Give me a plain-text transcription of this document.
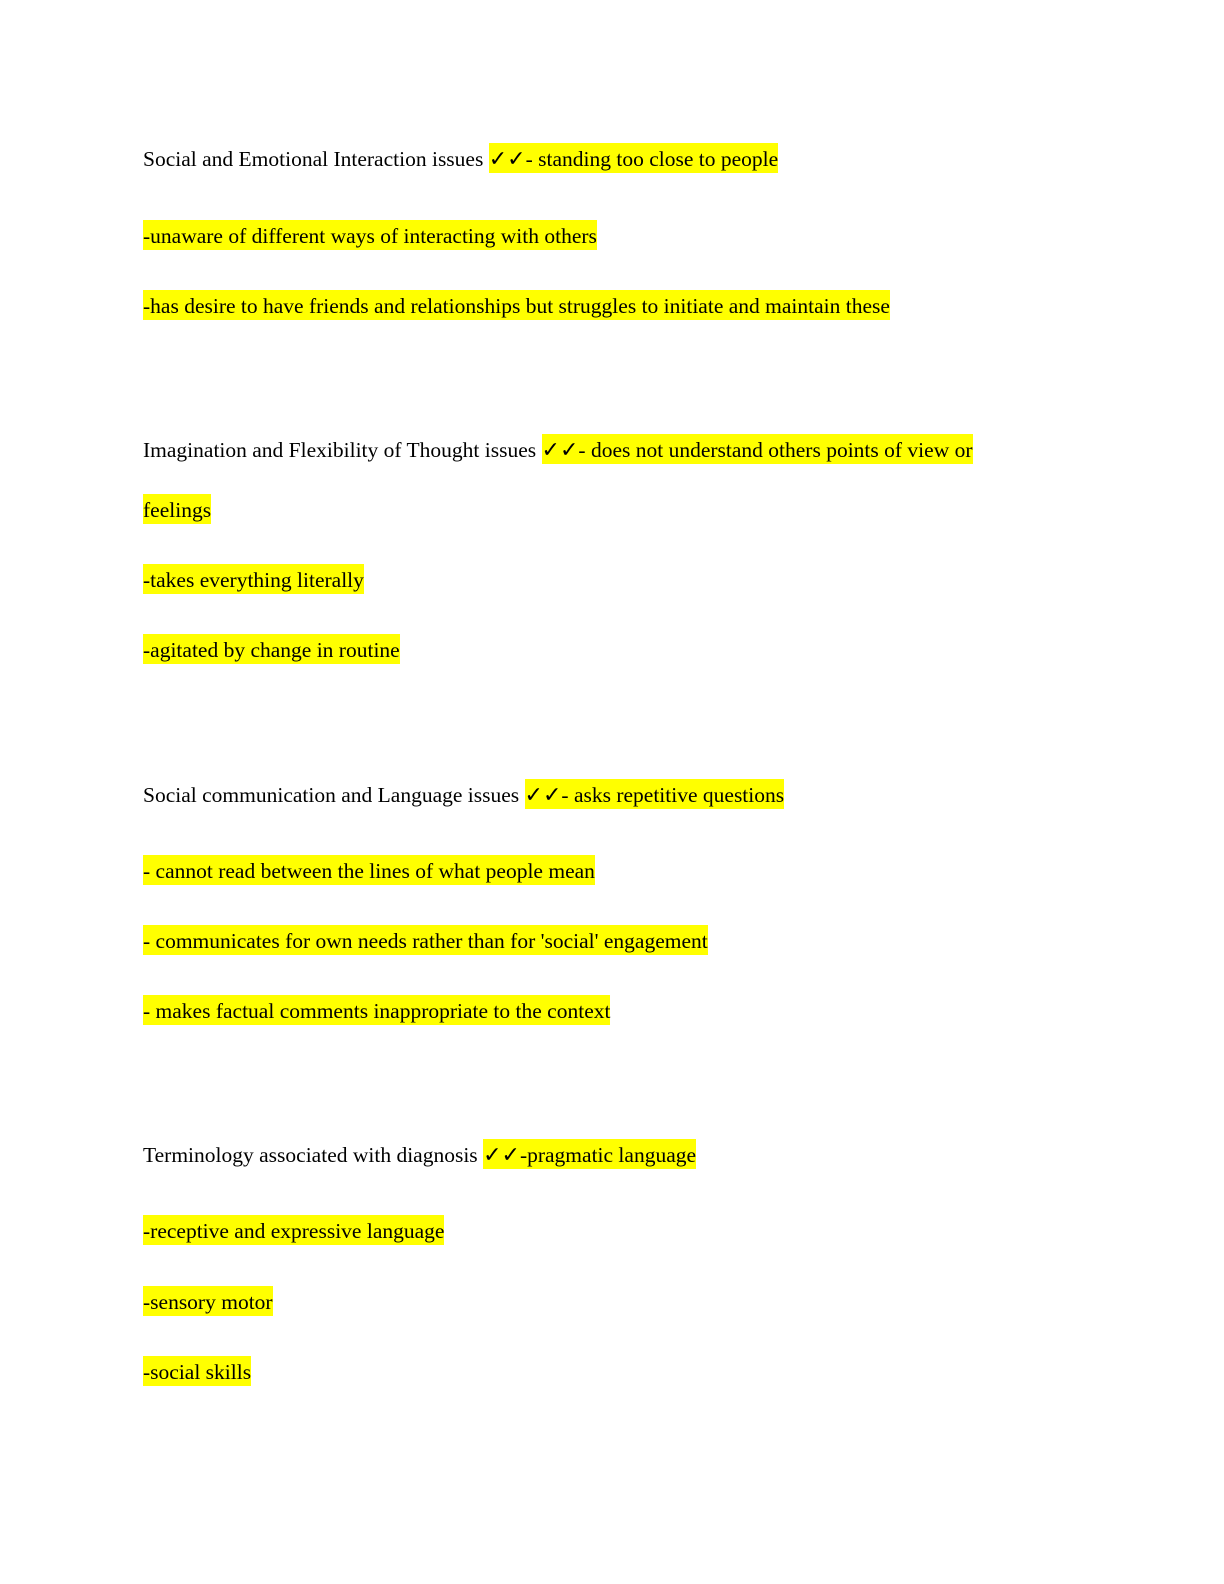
Social and Emotional Interaction issues ✓✓- standing too close to people
-unaware of different ways of interacting with others
-has desire to have friends and relationships but struggles to initiate and maintain these
Imagination and Flexibility of Thought issues ✓✓- does not understand others points of view or
feelings
-takes everything literally
-agitated by change in routine
Social communication and Language issues ✓✓- asks repetitive questions
- cannot read between the lines of what people mean
- communicates for own needs rather than for 'social' engagement
- makes factual comments inappropriate to the context
Terminology associated with diagnosis ✓✓-pragmatic language
-receptive and expressive language
-sensory motor
-social skills
